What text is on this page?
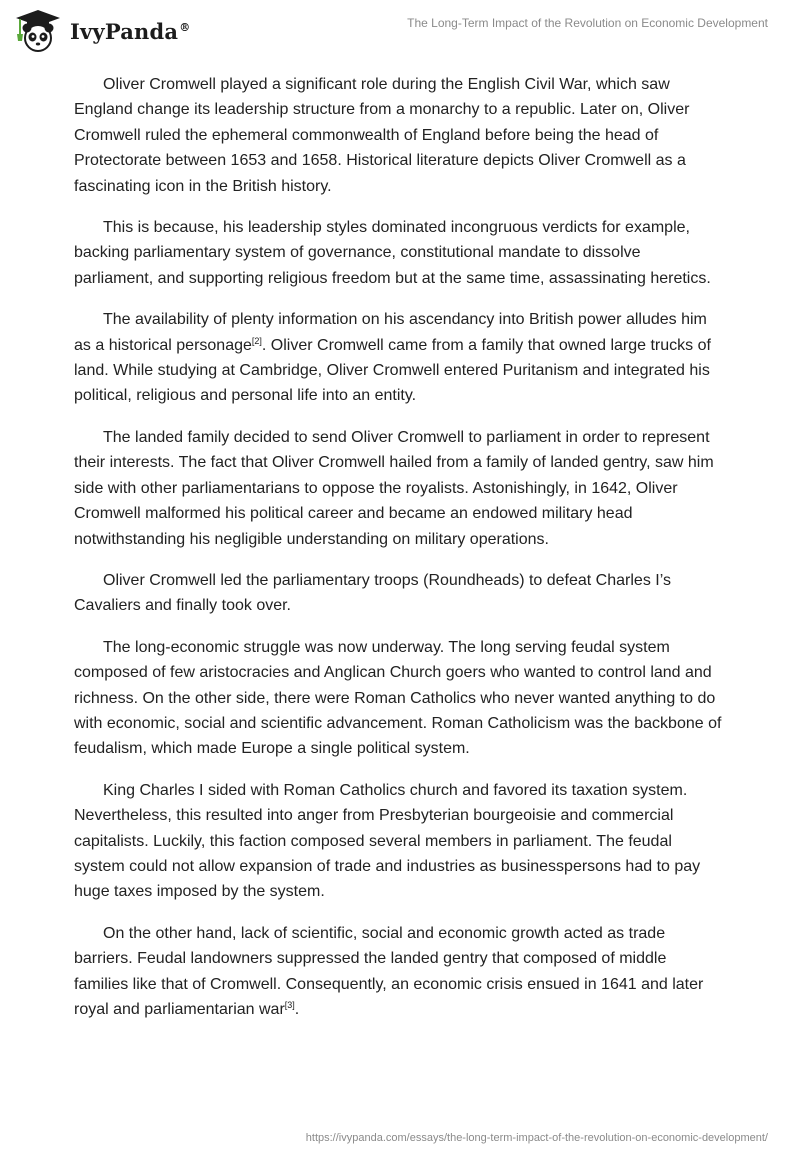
IvyPanda®	The Long-Term Impact of the Revolution on Economic Development

Oliver Cromwell played a significant role during the English Civil War, which saw England change its leadership structure from a monarchy to a republic. Later on, Oliver Cromwell ruled the ephemeral commonwealth of England before being the head of Protectorate between 1653 and 1658. Historical literature depicts Oliver Cromwell as a fascinating icon in the British history.

This is because, his leadership styles dominated incongruous verdicts for example, backing parliamentary system of governance, constitutional mandate to dissolve parliament, and supporting religious freedom but at the same time, assassinating heretics.

The availability of plenty information on his ascendancy into British power alludes him as a historical personage[2]. Oliver Cromwell came from a family that owned large trucks of land. While studying at Cambridge, Oliver Cromwell entered Puritanism and integrated his political, religious and personal life into an entity.

The landed family decided to send Oliver Cromwell to parliament in order to represent their interests. The fact that Oliver Cromwell hailed from a family of landed gentry, saw him side with other parliamentarians to oppose the royalists. Astonishingly, in 1642, Oliver Cromwell malformed his political career and became an endowed military head notwithstanding his negligible understanding on military operations.

Oliver Cromwell led the parliamentary troops (Roundheads) to defeat Charles I’s Cavaliers and finally took over.

The long-economic struggle was now underway. The long serving feudal system composed of few aristocracies and Anglican Church goers who wanted to control land and richness. On the other side, there were Roman Catholics who never wanted anything to do with economic, social and scientific advancement. Roman Catholicism was the backbone of feudalism, which made Europe a single political system.

King Charles I sided with Roman Catholics church and favored its taxation system. Nevertheless, this resulted into anger from Presbyterian bourgeoisie and commercial capitalists. Luckily, this faction composed several members in parliament. The feudal system could not allow expansion of trade and industries as businesspersons had to pay huge taxes imposed by the system.

On the other hand, lack of scientific, social and economic growth acted as trade barriers. Feudal landowners suppressed the landed gentry that composed of middle families like that of Cromwell. Consequently, an economic crisis ensued in 1641 and later royal and parliamentarian war[3].

https://ivypanda.com/essays/the-long-term-impact-of-the-revolution-on-economic-development/
